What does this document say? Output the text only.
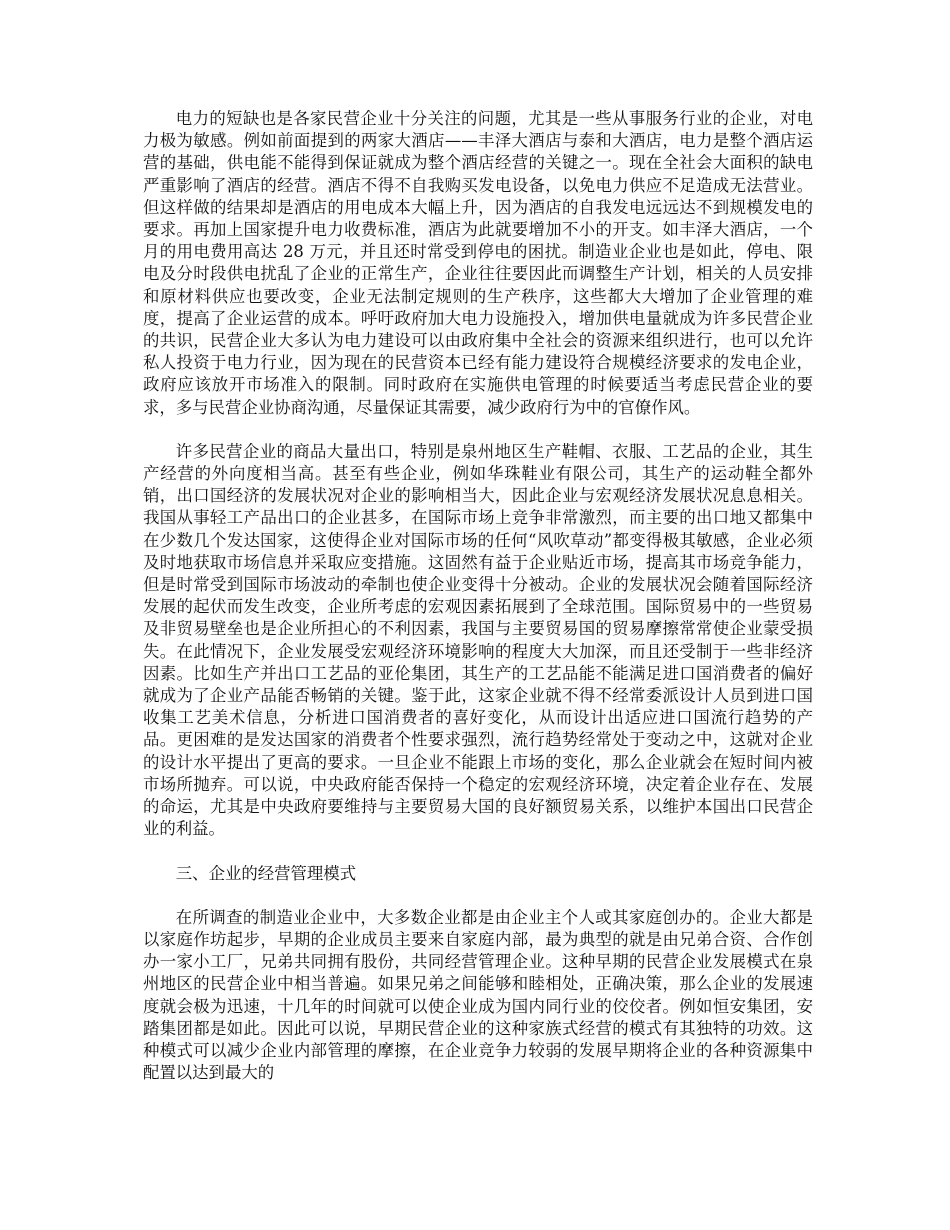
电力的短缺也是各家民营企业十分关注的问题，尤其是一些从事服务行业的企业，对电力极为敏感。例如前面提到的两家大酒店——丰泽大酒店与泰和大酒店，电力是整个酒店运营的基础，供电能不能得到保证就成为整个酒店经营的关键之一。现在全社会大面积的缺电严重影响了酒店的经营。酒店不得不自我购买发电设备，以免电力供应不足造成无法营业。但这样做的结果却是酒店的用电成本大幅上升，因为酒店的自我发电远远达不到规模发电的要求。再加上国家提升电力收费标准，酒店为此就要增加不小的开支。如丰泽大酒店，一个月的用电费用高达 28 万元，并且还时常受到停电的困扰。制造业企业也是如此，停电、限电及分时段供电扰乱了企业的正常生产，企业往往要因此而调整生产计划，相关的人员安排和原材料供应也要改变，企业无法制定规则的生产秩序，这些都大大增加了企业管理的难度，提高了企业运营的成本。呼吁政府加大电力设施投入，增加供电量就成为许多民营企业的共识，民营企业大多认为电力建设可以由政府集中全社会的资源来组织进行，也可以允许私人投资于电力行业，因为现在的民营资本已经有能力建设符合规模经济要求的发电企业，政府应该放开市场准入的限制。同时政府在实施供电管理的时候要适当考虑民营企业的要求，多与民营企业协商沟通，尽量保证其需要，减少政府行为中的官僚作风。

许多民营企业的商品大量出口，特别是泉州地区生产鞋帽、衣服、工艺品的企业，其生产经营的外向度相当高。甚至有些企业，例如华珠鞋业有限公司，其生产的运动鞋全都外销，出口国经济的发展状况对企业的影响相当大，因此企业与宏观经济发展状况息息相关。我国从事轻工产品出口的企业甚多，在国际市场上竞争非常激烈，而主要的出口地又都集中在少数几个发达国家，这使得企业对国际市场的任何“风吹草动”都变得极其敏感，企业必须及时地获取市场信息并采取应变措施。这固然有益于企业贴近市场，提高其市场竞争能力，但是时常受到国际市场波动的牵制也使企业变得十分被动。企业的发展状况会随着国际经济发展的起伏而发生改变，企业所考虑的宏观因素拓展到了全球范围。国际贸易中的一些贸易及非贸易壁垒也是企业所担心的不利因素，我国与主要贸易国的贸易摩擦常常使企业蒙受损失。在此情况下，企业发展受宏观经济环境影响的程度大大加深，而且还受制于一些非经济因素。比如生产并出口工艺品的亚伦集团，其生产的工艺品能不能满足进口国消费者的偏好就成为了企业产品能否畅销的关键。鉴于此，这家企业就不得不经常委派设计人员到进口国收集工艺美术信息，分析进口国消费者的喜好变化，从而设计出适应进口国流行趋势的产品。更困难的是发达国家的消费者个性要求强烈，流行趋势经常处于变动之中，这就对企业的设计水平提出了更高的要求。一旦企业不能跟上市场的变化，那么企业就会在短时间内被市场所抛弃。可以说，中央政府能否保持一个稳定的宏观经济环境，决定着企业存在、发展的命运，尤其是中央政府要维持与主要贸易大国的良好额贸易关系，以维护本国出口民营企业的利益。

三、企业的经营管理模式

在所调查的制造业企业中，大多数企业都是由企业主个人或其家庭创办的。企业大都是以家庭作坊起步，早期的企业成员主要来自家庭内部，最为典型的就是由兄弟合资、合作创办一家小工厂，兄弟共同拥有股份，共同经营管理企业。这种早期的民营企业发展模式在泉州地区的民营企业中相当普遍。如果兄弟之间能够和睦相处，正确决策，那么企业的发展速度就会极为迅速，十几年的时间就可以使企业成为国内同行业的佼佼者。例如恒安集团，安踏集团都是如此。因此可以说，早期民营企业的这种家族式经营的模式有其独特的功效。这种模式可以减少企业内部管理的摩擦，在企业竞争力较弱的发展早期将企业的各种资源集中配置以达到最大的
